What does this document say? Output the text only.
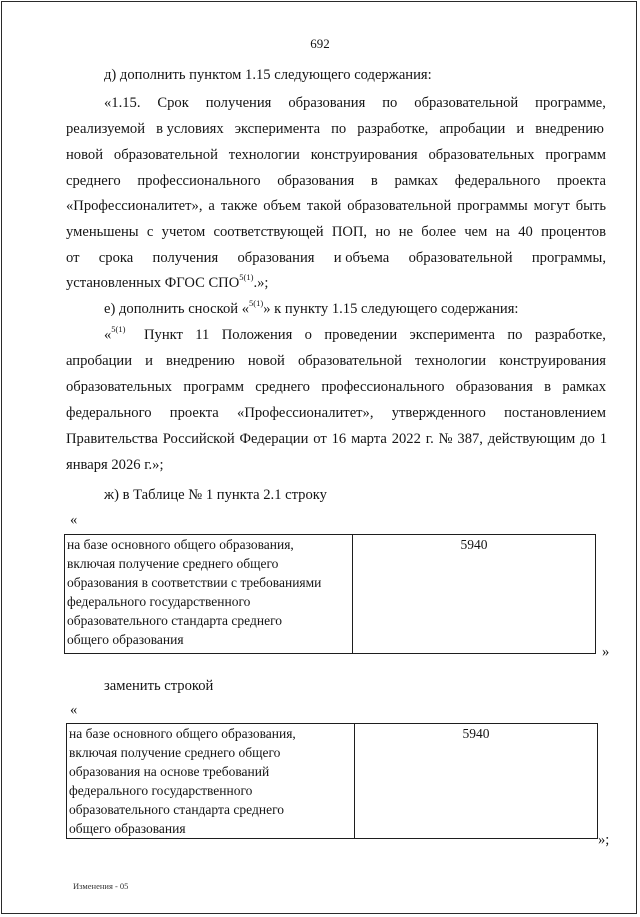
692
д) дополнить пунктом 1.15 следующего содержания:
«1.15. Срок получения образования по образовательной программе,
реализуемой в условиях эксперимента по разработке, апробации и внедрению
новой образовательной технологии конструирования образовательных программ
среднего профессионального образования в рамках федерального проекта
«Профессионалитет», а также объем такой образовательной программы могут быть
уменьшены с учетом соответствующей ПОП, но не более чем на 40 процентов
от срока получения образования и объема образовательной программы,
установленных ФГОС $СПО^{5(1)}$.»;
е) дополнить сноской «$^{5(1)}$» к пункту 1.15 следующего содержания:
«$^{5(1)}$ Пункт 11 Положения о проведении эксперимента по разработке,
апробации и внедрению новой образовательной технологии конструирования
образовательных программ среднего профессионального образования в рамках
федерального проекта «Профессионалитет», утвержденного постановлением
Правительства Российской Федерации от 16 марта 2022 г. № 387, действующим до 1
января 2026 г.»;
ж) в Таблице № 1 пункта 2.1 строку
«
на базе основного общего образования,
включая получение среднего общего
образования в соответствии с требованиями
федерального государственного
образовательного стандарта среднего
общего образования
	5940
»
заменить строкой
«
на базе основного общего образования,
включая получение среднего общего
образования на основе требований
федерального государственного
образовательного стандарта среднего
общего образования
	5940
»;
Изменения - 05
